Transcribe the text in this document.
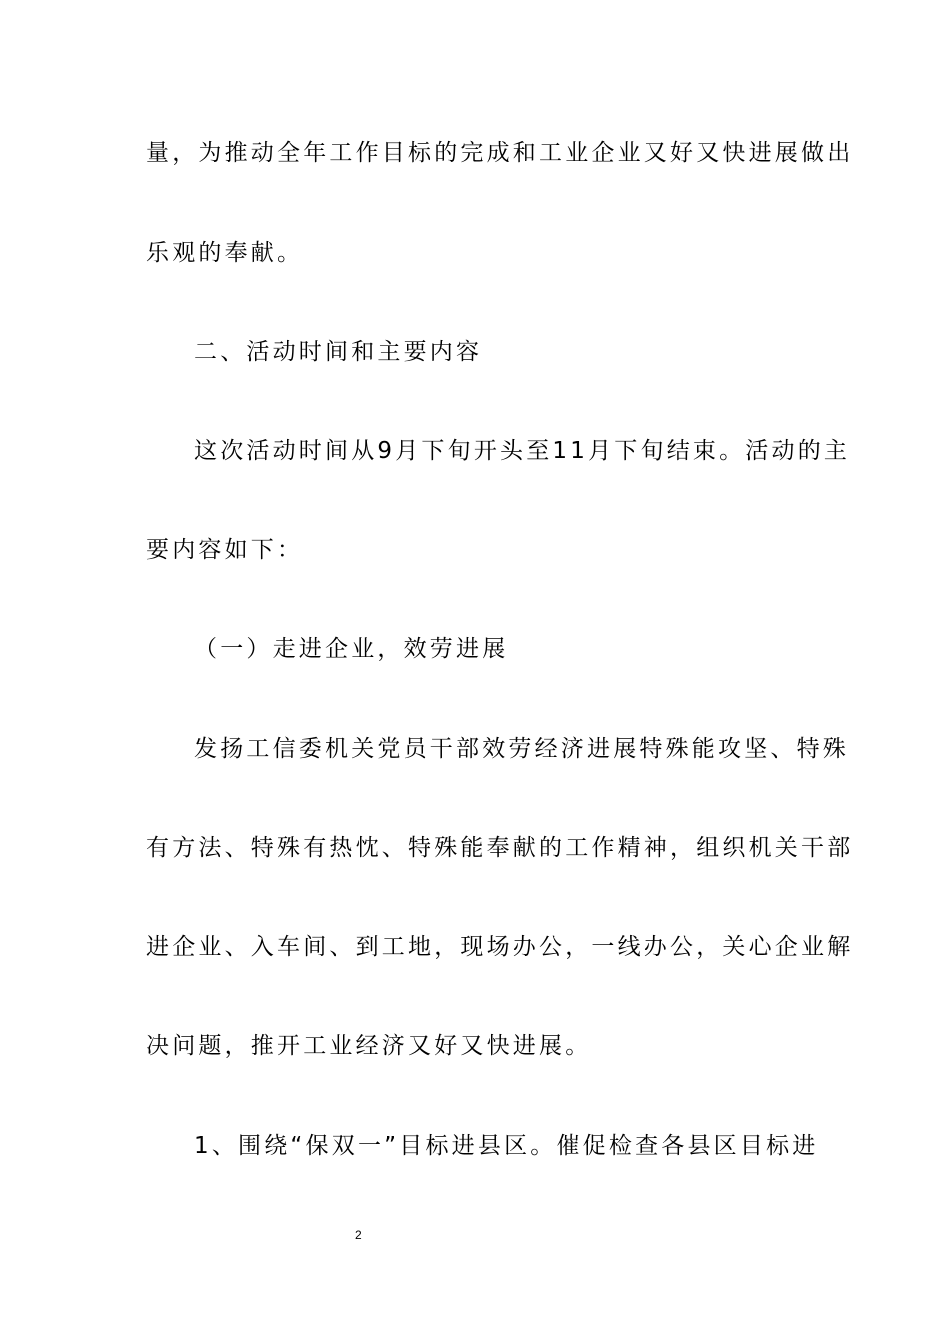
量，为推动全年工作目标的完成和工业企业又好又快进展做出
乐观的奉献。
二、活动时间和主要内容
这次活动时间从9月下旬开头至11月下旬结束。活动的主
要内容如下：
（一）走进企业，效劳进展
发扬工信委机关党员干部效劳经济进展特殊能攻坚、特殊
有方法、特殊有热忱、特殊能奉献的工作精神，组织机关干部
进企业、入车间、到工地，现场办公，一线办公，关心企业解
决问题，推开工业经济又好又快进展。
1、围绕“保双一”目标进县区。催促检查各县区目标进
2
